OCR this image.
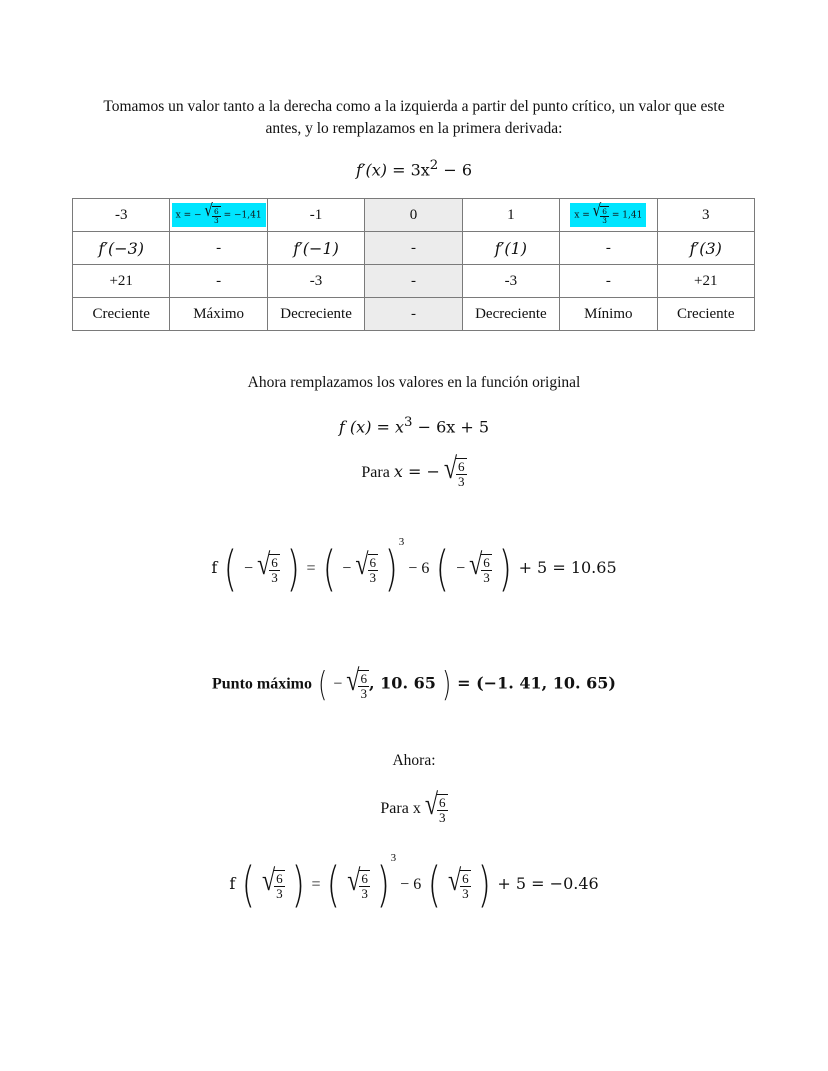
Tomamos un valor tanto a la derecha como a la izquierda a partir del punto crítico, un valor que este
antes, y lo remplazamos en la primera derivada:
$f'(x) = 3x^2 - 6$
-3	x = − √ $\frac{6}{3} = -1,41$	-1	0	1	x = √ $\frac{6}{3} = 1,41$	3
f′(−3)	-	f′(−1)	-	f′(1)	-	f′(3)
+21	-	-3	-	-3	-	+21
Creciente	Máximo	Decreciente	-	Decreciente	Mínimo	Creciente
Ahora remplazamos los valores en la función original
f $(x) = x^3 - 6x + 5$
Para x = − √ $\frac{6}{3}$
f ( − √ $\frac{6}{3}$ ) = ( − √ $\frac{6}{3} )^3 - 6$ ( − √ $\frac{6}{3}$ ) + 5 = 10.65
Punto máximo ( − √ $\frac{6}{3}$ , 10. 65 ) = (−1. 41, 10. 65)
Ahora:
Para x √ $\frac{6}{3}$
f ( √ $\frac{6}{3}$ ) = ( √ $\frac{6}{3} )^3 - 6$ ( √ $\frac{6}{3}$ ) + 5 = −0.46
